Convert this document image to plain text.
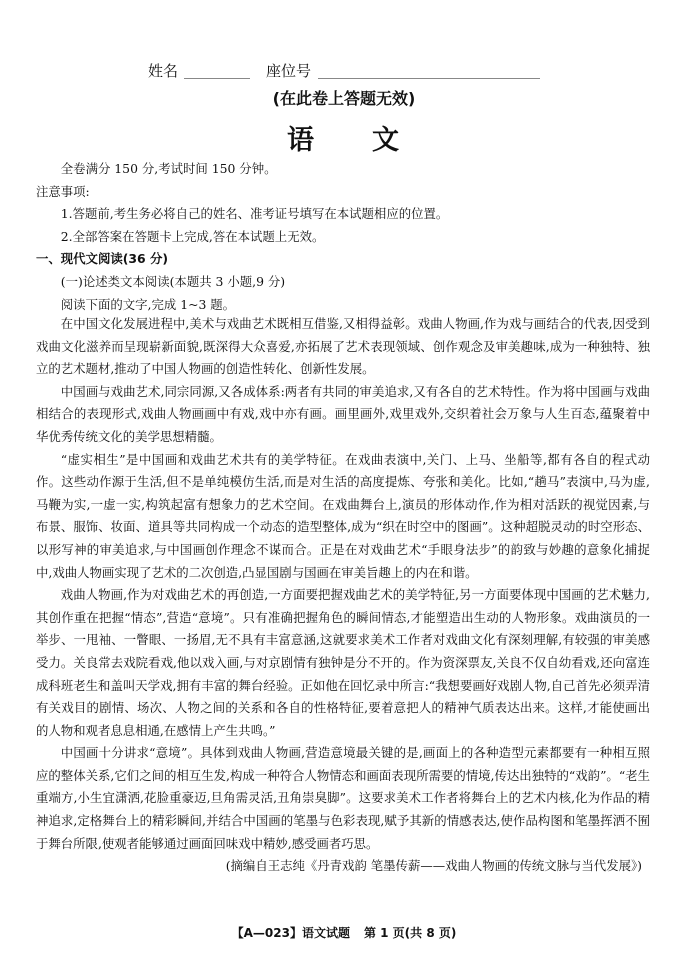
姓名	座位号
(在此卷上答题无效)
语 文

全卷满分 150 分,考试时间 150 分钟。

注意事项:

1.答题前,考生务必将自己的姓名、准考证号填写在本试题相应的位置。

2.全部答案在答题卡上完成,答在本试题上无效。

一、现代文阅读(36 分)

(一)论述类文本阅读(本题共 3 小题,9 分)

阅读下面的文字,完成 1~3 题。

在中国文化发展进程中,美术与戏曲艺术既相互借鉴,又相得益彰。戏曲人物画,作为戏与画结合的代表,因受到戏曲文化滋养而呈现崭新面貌,既深得大众喜爱,亦拓展了艺术表现领域、创作观念及审美趣味,成为一种独特、独立的艺术题材,推动了中国人物画的创造性转化、创新性发展。

中国画与戏曲艺术,同宗同源,又各成体系:两者有共同的审美追求,又有各自的艺术特性。作为将中国画与戏曲相结合的表现形式,戏曲人物画画中有戏,戏中亦有画。画里画外,戏里戏外,交织着社会万象与人生百态,蕴聚着中华优秀传统文化的美学思想精髓。

“虚实相生”是中国画和戏曲艺术共有的美学特征。在戏曲表演中,关门、上马、坐船等,都有各自的程式动作。这些动作源于生活,但不是单纯模仿生活,而是对生活的高度提炼、夸张和美化。比如,“趟马”表演中,马为虚,马鞭为实,一虚一实,构筑起富有想象力的艺术空间。在戏曲舞台上,演员的形体动作,作为相对活跃的视觉因素,与布景、服饰、妆面、道具等共同构成一个动态的造型整体,成为“织在时空中的图画”。这种超脱灵动的时空形态、以形写神的审美追求,与中国画创作理念不谋而合。正是在对戏曲艺术“手眼身法步”的韵致与妙趣的意象化捕捉中,戏曲人物画实现了艺术的二次创造,凸显国剧与国画在审美旨趣上的内在和谐。

戏曲人物画,作为对戏曲艺术的再创造,一方面要把握戏曲艺术的美学特征,另一方面要体现中国画的艺术魅力,其创作重在把握“情态”,营造“意境”。只有准确把握角色的瞬间情态,才能塑造出生动的人物形象。戏曲演员的一举步、一甩袖、一瞥眼、一扬眉,无不具有丰富意涵,这就要求美术工作者对戏曲文化有深刻理解,有较强的审美感受力。关良常去戏院看戏,他以戏入画,与对京剧情有独钟是分不开的。作为资深票友,关良不仅自幼看戏,还向富连成科班老生和盖叫天学戏,拥有丰富的舞台经验。正如他在回忆录中所言:“我想要画好戏剧人物,自己首先必须弄清有关戏目的剧情、场次、人物之间的关系和各自的性格特征,要着意把人的精神气质表达出来。这样,才能使画出的人物和观者息息相通,在感情上产生共鸣。”

中国画十分讲求“意境”。具体到戏曲人物画,营造意境最关键的是,画面上的各种造型元素都要有一种相互照应的整体关系,它们之间的相互生发,构成一种符合人物情态和画面表现所需要的情境,传达出独特的“戏韵”。“老生重端方,小生宜潇洒,花脸重豪迈,旦角需灵活,丑角崇臭脚”。这要求美术工作者将舞台上的艺术内核,化为作品的精神追求,定格舞台上的精彩瞬间,并结合中国画的笔墨与色彩表现,赋予其新的情感表达,使作品构图和笔墨挥洒不囿于舞台所限,使观者能够通过画面回味戏中精妙,感受画者巧思。

(摘编自王志纯《丹青戏韵 笔墨传薪——戏曲人物画的传统文脉与当代发展》)

【A—023】语文试题 第 1 页(共 8 页)
